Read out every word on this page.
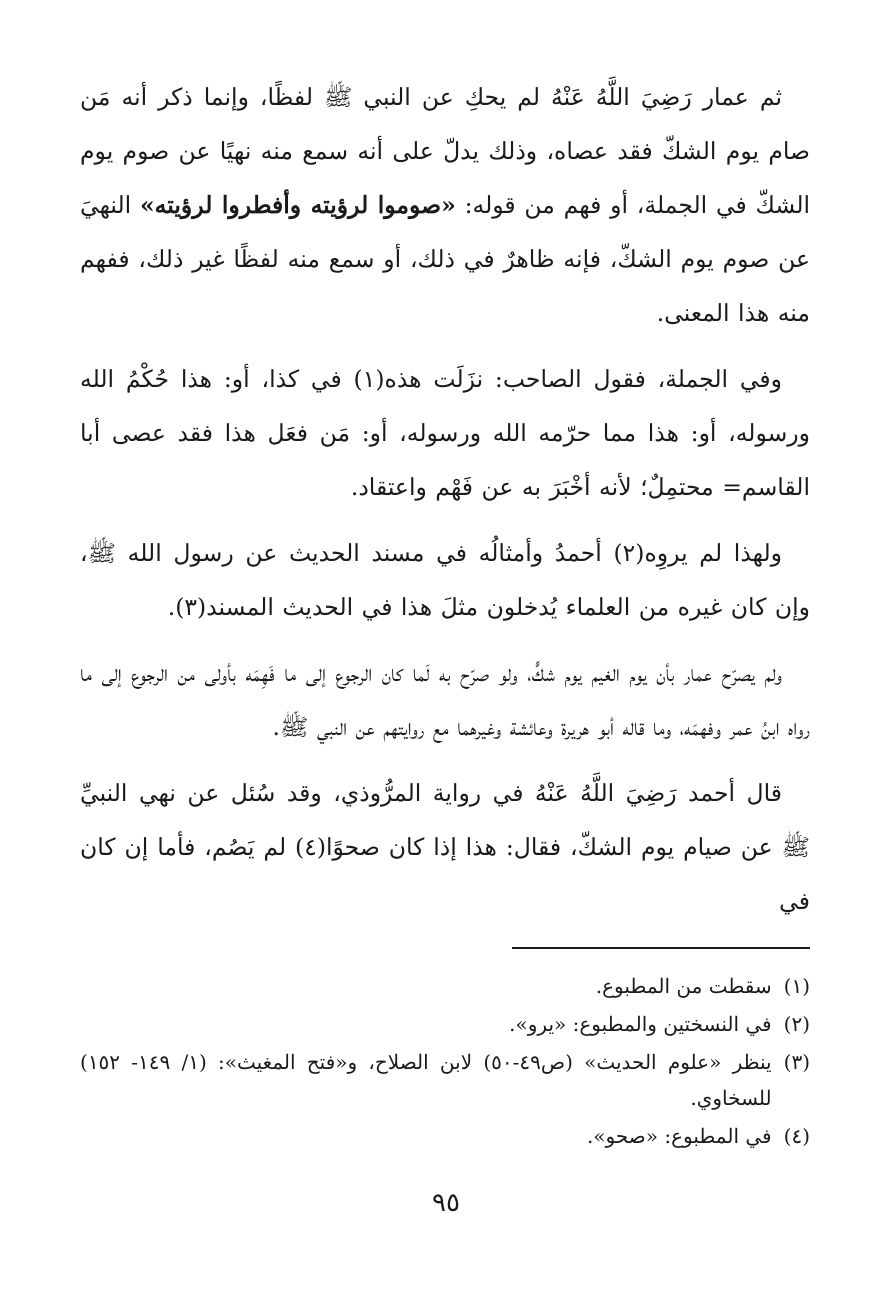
ثم عمار رَضِيَ اللَّهُ عَنْهُ لم يحكِ عن النبي ﷺ لفظًا، وإنما ذكر أنه مَن صام يوم الشكّ فقد عصاه، وذلك يدلّ على أنه سمع منه نهيًا عن صوم يوم الشكّ في الجملة، أو فهم من قوله: «صوموا لرؤيته وأفطروا لرؤيته» النهيَ عن صوم يوم الشكّ، فإنه ظاهرٌ في ذلك، أو سمع منه لفظًا غير ذلك، ففهم منه هذا المعنى.

وفي الجملة، فقول الصاحب: نزَلَت هذه(١) في كذا، أو: هذا حُكْمُ الله ورسوله، أو: هذا مما حرّمه الله ورسوله، أو: مَن فعَل هذا فقد عصى أبا القاسم= محتمِلٌ؛ لأنه أخْبَرَ به عن فَهْم واعتقاد.

ولهذا لم يروِه(٢) أحمدُ وأمثالُه في مسند الحديث عن رسول الله ﷺ، وإن كان غيره من العلماء يُدخلون مثلَ هذا في الحديث المسند(٣).

ولم يصرّح عمار بأن يوم الغيم يوم شكٍّ، ولو صرّح به لَما كان الرجوع إلى ما فَهِمَه بأولى من الرجوع إلى ما رواه ابنُ عمر وفهمَه، وما قاله أبو هريرة وعائشة وغيرهما مع روايتهم عن النبي ﷺ.

قال أحمد رَضِيَ اللَّهُ عَنْهُ في رواية المرُّوذي، وقد سُئل عن نهي النبيِّ ﷺ عن صيام يوم الشكّ، فقال: هذا إذا كان صحوًا(٤) لم يَصُم، فأما إن كان في

(١)
سقطت من المطبوع.
(٢)
في النسختين والمطبوع: «يرو».
(٣)
ينظر «علوم الحديث» (ص٤٩-٥٠) لابن الصلاح، و«فتح المغيث»: (١/ ١٤٩- ١٥٢) للسخاوي.
(٤)
في المطبوع: «صحو».
٩٥
